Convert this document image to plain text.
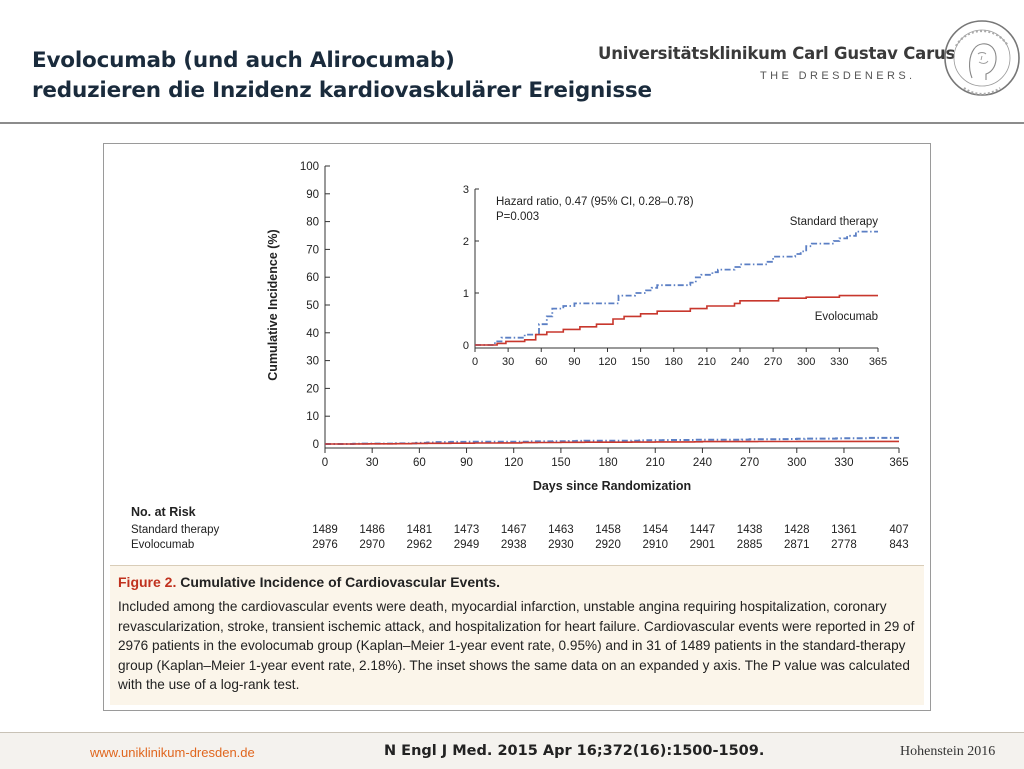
Evolocumab (und auch Alirocumab)
reduzieren die Inzidenz kardiovaskulärer Ereignisse
Universitätsklinikum Carl Gustav Carus
THE DRESDENERS.
0
10
20
30
40
50
60
70
80
90
100
0	30	60	90	120 150 180 210 240 270 300 330	365
Days since Randomization
Cumulative Incidence (%)	0
1
2
3
0 30 60 90 120 150 180 210 240 270 300 330 365
Hazard ratio, 0.47 (95% CI, 0.28–0.78)
P=0.003	Standard therapy
Evolocumab
No. at Risk
Standard therapy	1489 1486 1481 1473 1467 1463 1458 1454 1447 1438 1428 1361	407
Evolocumab	2976 2970 2962 2949 2938 2930 2920 2910 2901 2885 2871 2778	843
Figure 2. Cumulative Incidence of Cardiovascular Events.
Included among the cardiovascular events were death, myocardial infarction, unstable angina requiring hospitalization, coronary revascularization, stroke, transient ischemic attack, and hospitalization for heart failure. Cardiovascular events were reported in 29 of 2976 patients in the evolocumab group (Kaplan–Meier 1-year event rate, 0.95%) and in 31 of 1489 patients in the standard-therapy group (Kaplan–Meier 1-year event rate, 2.18%). The inset shows the same data on an expanded y axis. The P value was calculated with the use of a log-rank test.
www.uniklinikum-dresden.de	N Engl J Med. 2015 Apr 16;372(16):1500-1509.	Hohenstein 2016
